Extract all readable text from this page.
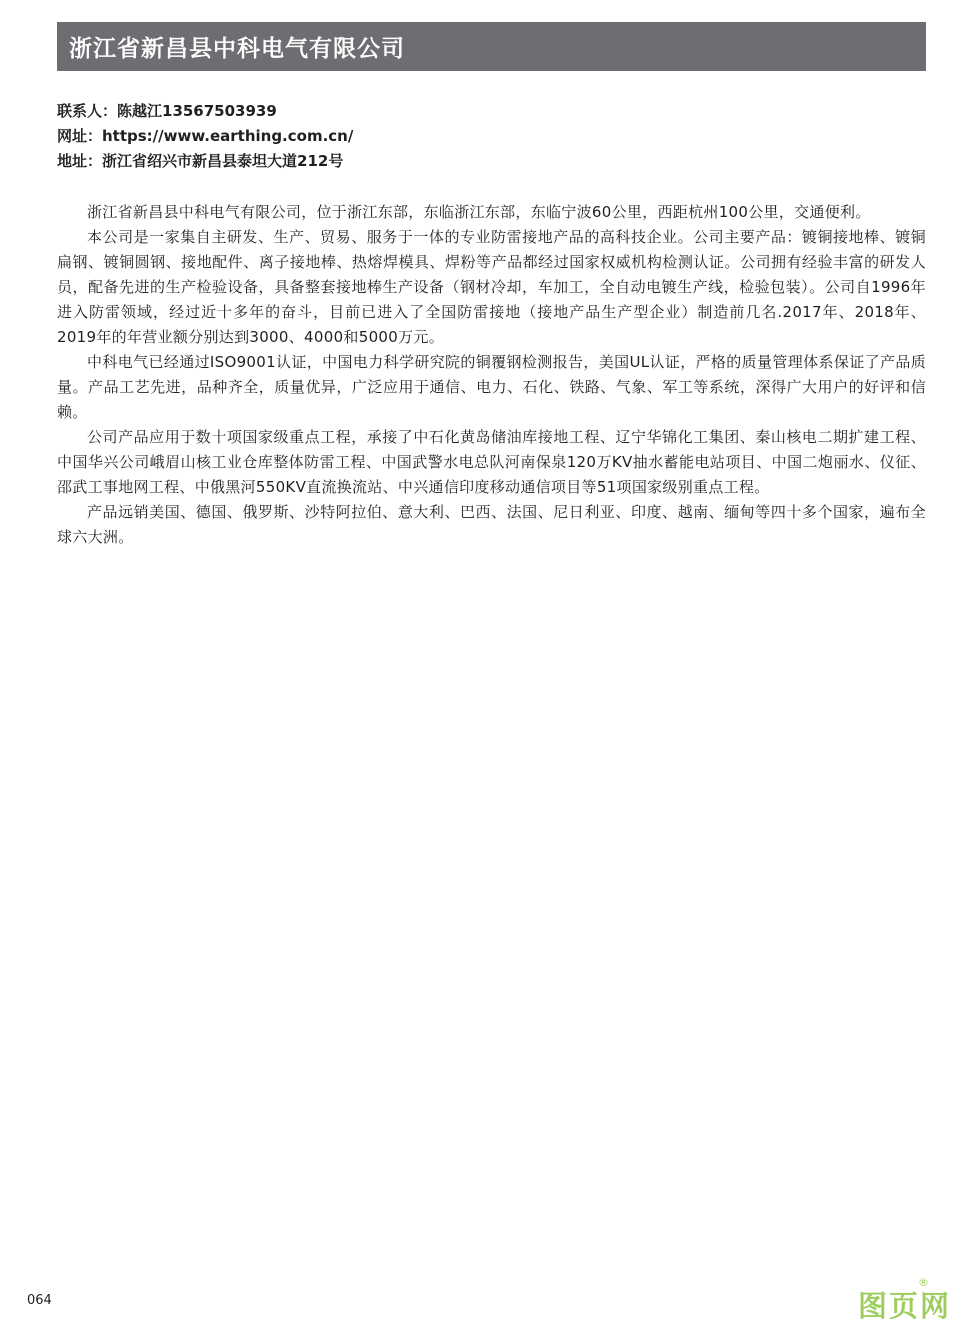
浙江省新昌县中科电气有限公司
联系人：陈越江13567503939
网址：https://www.earthing.com.cn/
地址：浙江省绍兴市新昌县泰坦大道212号

浙江省新昌县中科电气有限公司，位于浙江东部，东临浙江东部，东临宁波60公里，西距杭州100公里，交通便利。

本公司是一家集自主研发、生产、贸易、服务于一体的专业防雷接地产品的高科技企业。公司主要产品：镀铜接地棒、镀铜扁钢、镀铜圆钢、接地配件、离子接地棒、热熔焊模具、焊粉等产品都经过国家权威机构检测认证。公司拥有经验丰富的研发人员，配备先进的生产检验设备，具备整套接地棒生产设备（钢材冷却，车加工，全自动电镀生产线，检验包装）。公司自1996年进入防雷领域，经过近十多年的奋斗，目前已进入了全国防雷接地（接地产品生产型企业）制造前几名.2017年、2018年、2019年的年营业额分别达到3000、4000和5000万元。

中科电气已经通过ISO9001认证，中国电力科学研究院的铜覆钢检测报告，美国UL认证，严格的质量管理体系保证了产品质量。产品工艺先进，品种齐全，质量优异，广泛应用于通信、电力、石化、铁路、气象、军工等系统，深得广大用户的好评和信赖。

公司产品应用于数十项国家级重点工程，承接了中石化黄岛储油库接地工程、辽宁华锦化工集团、秦山核电二期扩建工程、中国华兴公司峨眉山核工业仓库整体防雷工程、中国武警水电总队河南保泉120万KV抽水蓄能电站项目、中国二炮丽水、仪征、邵武工事地网工程、中俄黑河550KV直流换流站、中兴通信印度移动通信项目等51项国家级别重点工程。

产品远销美国、德国、俄罗斯、沙特阿拉伯、意大利、巴西、法国、尼日利亚、印度、越南、缅甸等四十多个国家，遍布全球六大洲。

064	图页网
®
